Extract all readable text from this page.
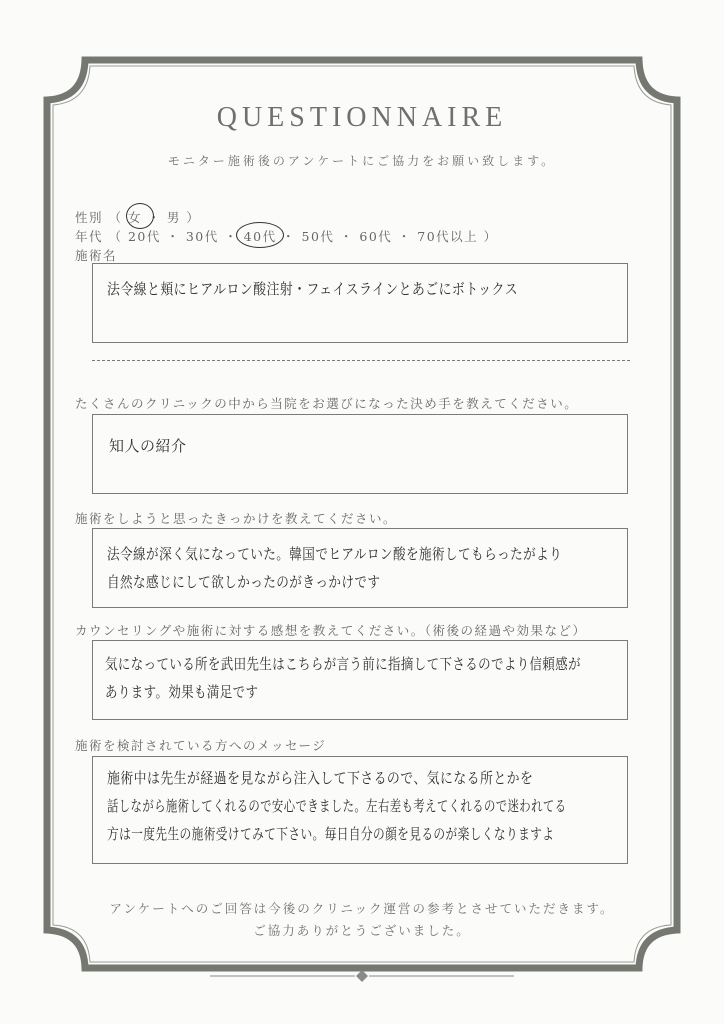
QUESTIONNAIRE
モニター施術後のアンケートにご協力をお願い致します。
性別 （ 女 ・ 男 ）
年代 （ 20代 ・ 30代 ・ 40代 ・ 50代 ・ 60代 ・ 70代以上 ）
施術名
法令線と頬にヒアルロン酸注射・フェイスラインとあごにボトックス
たくさんのクリニックの中から当院をお選びになった決め手を教えてください。
知人の紹介
施術をしようと思ったきっかけを教えてください。
法令線が深く気になっていた。韓国でヒアルロン酸を施術してもらったがより
自然な感じにして欲しかったのがきっかけです
カウンセリングや施術に対する感想を教えてください。（術後の経過や効果など）
気になっている所を武田先生はこちらが言う前に指摘して下さるのでより信頼感が
あります。効果も満足です
施術を検討されている方へのメッセージ
施術中は先生が経過を見ながら注入して下さるので、気になる所とかを
話しながら施術してくれるので安心できました。左右差も考えてくれるので迷われてる
方は一度先生の施術受けてみて下さい。毎日自分の顔を見るのが楽しくなりますよ
アンケートへのご回答は今後のクリニック運営の参考とさせていただきます。
ご協力ありがとうございました。
